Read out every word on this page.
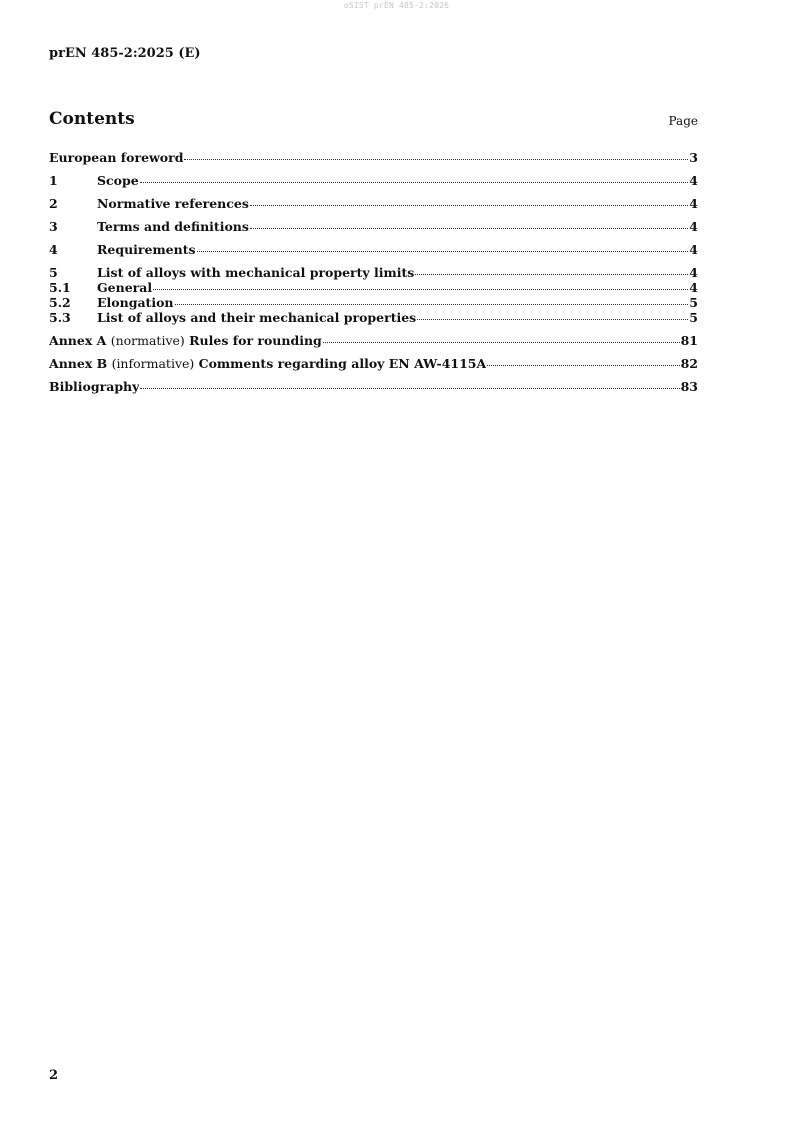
oSIST prEN 485-2:2026
prEN 485-2:2025 (E)
Contents	Page
European foreword	3
1	Scope	4
2	Normative references	4
3	Terms and definitions	4
4	Requirements	4
5	List of alloys with mechanical property limits	4
5.1	General	4
5.2	Elongation	5
5.3	List of alloys and their mechanical properties	5
Annex A (normative) Rules for rounding	81
Annex B (informative) Comments regarding alloy EN AW-4115A	82
Bibliography	83
2
